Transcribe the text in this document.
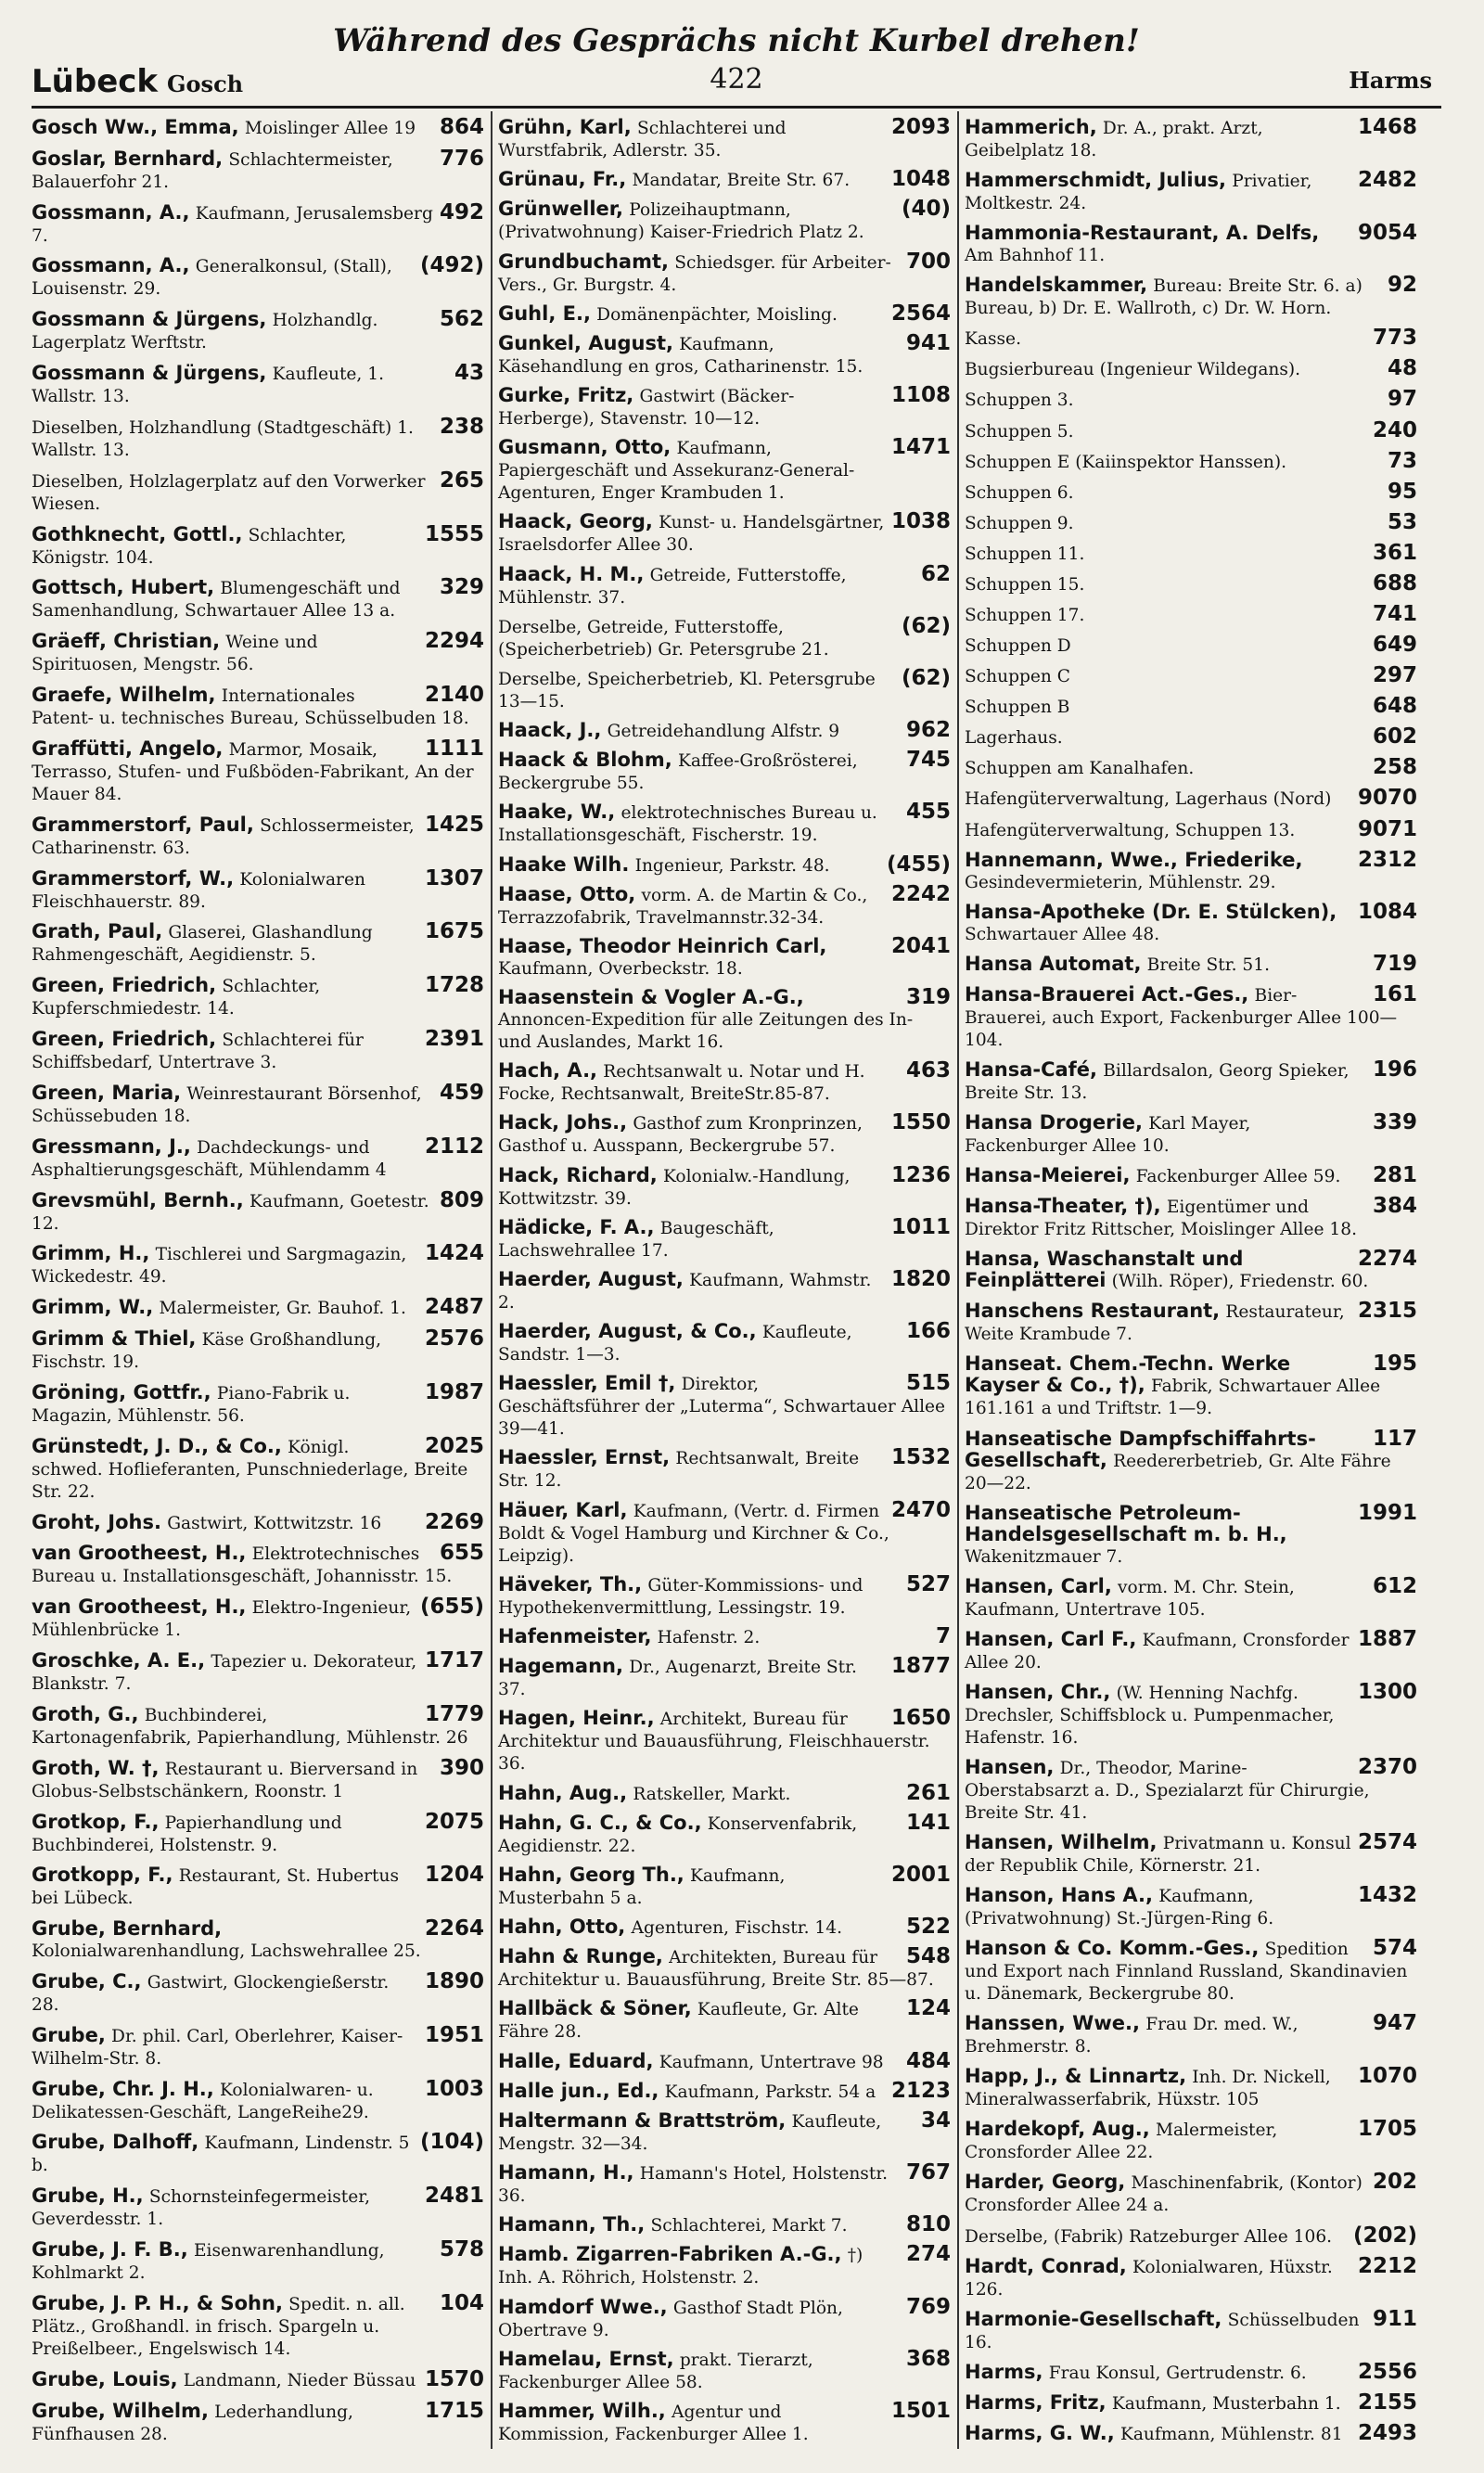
Lübeck Gosch
Während des Gesprächs nicht Kurbel drehen!
422	Harms
864
Gosch Ww., Emma, Moislinger Allee 19
776
Goslar, Bernhard, Schlachtermeister, Balauerfohr 21.
492
Gossmann, A., Kaufmann, Jerusalemsberg 7.
(492)
Gossmann, A., Generalkonsul, (Stall), Louisenstr. 29.
562
Gossmann & Jürgens, Holzhandlg. Lagerplatz Werftstr.
43
Gossmann & Jürgens, Kaufleute, 1. Wallstr. 13.
238
Dieselben, Holzhandlung (Stadtgeschäft) 1. Wallstr. 13.
265
Dieselben, Holzlagerplatz auf den Vorwerker Wiesen.
1555
Gothknecht, Gottl., Schlachter, Königstr. 104.
329
Gottsch, Hubert, Blumengeschäft und Samenhandlung, Schwartauer Allee 13 a.
2294
Gräeff, Christian, Weine und Spirituosen, Mengstr. 56.
2140
Graefe, Wilhelm, Internationales Patent- u. technisches Bureau, Schüsselbuden 18.
1111
Graffütti, Angelo, Marmor, Mosaik, Terrasso, Stufen- und Fußböden-Fabrikant, An der Mauer 84.
1425
Grammerstorf, Paul, Schlossermeister, Catharinenstr. 63.
1307
Grammerstorf, W., Kolonialwaren Fleischhauerstr. 89.
1675
Grath, Paul, Glaserei, Glashandlung Rahmengeschäft, Aegidienstr. 5.
1728
Green, Friedrich, Schlachter, Kupferschmiedestr. 14.
2391
Green, Friedrich, Schlachterei für Schiffsbedarf, Untertrave 3.
459
Green, Maria, Weinrestaurant Börsenhof, Schüssebuden 18.
2112
Gressmann, J., Dachdeckungs- und Asphaltierungsgeschäft, Mühlendamm 4
809
Grevsmühl, Bernh., Kaufmann, Goetestr. 12.
1424
Grimm, H., Tischlerei und Sargmagazin, Wickedestr. 49.
2487
Grimm, W., Malermeister, Gr. Bauhof. 1.
2576
Grimm & Thiel, Käse Großhandlung, Fischstr. 19.
1987
Gröning, Gottfr., Piano-Fabrik u. Magazin, Mühlenstr. 56.
2025
Grünstedt, J. D., & Co., Königl. schwed. Hoflieferanten, Punschniederlage, Breite Str. 22.
2269
Groht, Johs. Gastwirt, Kottwitzstr. 16
655
van Grootheest, H., Elektrotechnisches Bureau u. Installationsgeschäft, Johannisstr. 15.
(655)
van Grootheest, H., Elektro-Ingenieur, Mühlenbrücke 1.
1717
Groschke, A. E., Tapezier u. Dekorateur, Blankstr. 7.
1779
Groth, G., Buchbinderei, Kartonagenfabrik, Papierhandlung, Mühlenstr. 26
390
Groth, W. †, Restaurant u. Bierversand in Globus-Selbstschänkern, Roonstr. 1
2075
Grotkop, F., Papierhandlung und Buchbinderei, Holstenstr. 9.
1204
Grotkopp, F., Restaurant, St. Hubertus bei Lübeck.
2264
Grube, Bernhard, Kolonialwarenhandlung, Lachswehrallee 25.
1890
Grube, C., Gastwirt, Glockengießerstr. 28.
1951
Grube, Dr. phil. Carl, Oberlehrer, Kaiser-Wilhelm-Str. 8.
1003
Grube, Chr. J. H., Kolonialwaren- u. Delikatessen-Geschäft, LangeReihe29.
(104)
Grube, Dalhoff, Kaufmann, Lindenstr. 5 b.
2481
Grube, H., Schornsteinfegermeister, Geverdesstr. 1.
578
Grube, J. F. B., Eisenwarenhandlung, Kohlmarkt 2.
104
Grube, J. P. H., & Sohn, Spedit. n. all. Plätz., Großhandl. in frisch. Spargeln u. Preißelbeer., Engelswisch 14.
1570
Grube, Louis, Landmann, Nieder Büssau
1715
Grube, Wilhelm, Lederhandlung, Fünfhausen 28.
2093
Grühn, Karl, Schlachterei und Wurstfabrik, Adlerstr. 35.
1048
Grünau, Fr., Mandatar, Breite Str. 67.
(40)
Grünweller, Polizeihauptmann, (Privatwohnung) Kaiser-Friedrich Platz 2.
700
Grundbuchamt, Schiedsger. für Arbeiter-Vers., Gr. Burgstr. 4.
2564
Guhl, E., Domänenpächter, Moisling.
941
Gunkel, August, Kaufmann, Käsehandlung en gros, Catharinenstr. 15.
1108
Gurke, Fritz, Gastwirt (Bäcker-Herberge), Stavenstr. 10—12.
1471
Gusmann, Otto, Kaufmann, Papiergeschäft und Assekuranz-General-Agenturen, Enger Krambuden 1.
1038
Haack, Georg, Kunst- u. Handelsgärtner, Israelsdorfer Allee 30.
62
Haack, H. M., Getreide, Futterstoffe, Mühlenstr. 37.
(62)
Derselbe, Getreide, Futterstoffe, (Speicherbetrieb) Gr. Petersgrube 21.
(62)
Derselbe, Speicherbetrieb, Kl. Petersgrube 13—15.
962
Haack, J., Getreidehandlung Alfstr. 9
745
Haack & Blohm, Kaffee-Großrösterei, Beckergrube 55.
455
Haake, W., elektrotechnisches Bureau u. Installationsgeschäft, Fischerstr. 19.
(455)
Haake Wilh. Ingenieur, Parkstr. 48.
2242
Haase, Otto, vorm. A. de Martin & Co., Terrazzofabrik, Travelmannstr.32-34.
2041
Haase, Theodor Heinrich Carl, Kaufmann, Overbeckstr. 18.
319
Haasenstein & Vogler A.-G., Annoncen-Expedition für alle Zeitungen des In- und Auslandes, Markt 16.
463
Hach, A., Rechtsanwalt u. Notar und H. Focke, Rechtsanwalt, BreiteStr.85-87.
1550
Hack, Johs., Gasthof zum Kronprinzen, Gasthof u. Ausspann, Beckergrube 57.
1236
Hack, Richard, Kolonialw.-Handlung, Kottwitzstr. 39.
1011
Hädicke, F. A., Baugeschäft, Lachswehrallee 17.
1820
Haerder, August, Kaufmann, Wahmstr. 2.
166
Haerder, August, & Co., Kaufleute, Sandstr. 1—3.
515
Haessler, Emil †, Direktor, Geschäftsführer der „Luterma“, Schwartauer Allee 39—41.
1532
Haessler, Ernst, Rechtsanwalt, Breite Str. 12.
2470
Häuer, Karl, Kaufmann, (Vertr. d. Firmen Boldt & Vogel Hamburg und Kirchner & Co., Leipzig).
527
Häveker, Th., Güter-Kommissions- und Hypothekenvermittlung, Lessingstr. 19.
7
Hafenmeister, Hafenstr. 2.
1877
Hagemann, Dr., Augenarzt, Breite Str. 37.
1650
Hagen, Heinr., Architekt, Bureau für Architektur und Bauausführung, Fleischhauerstr. 36.
261
Hahn, Aug., Ratskeller, Markt.
141
Hahn, G. C., & Co., Konservenfabrik, Aegidienstr. 22.
2001
Hahn, Georg Th., Kaufmann, Musterbahn 5 a.
522
Hahn, Otto, Agenturen, Fischstr. 14.
548
Hahn & Runge, Architekten, Bureau für Architektur u. Bauausführung, Breite Str. 85—87.
124
Hallbäck & Söner, Kaufleute, Gr. Alte Fähre 28.
484
Halle, Eduard, Kaufmann, Untertrave 98
2123
Halle jun., Ed., Kaufmann, Parkstr. 54 a
34
Haltermann & Brattström, Kaufleute, Mengstr. 32—34.
767
Hamann, H., Hamann's Hotel, Holstenstr. 36.
810
Hamann, Th., Schlachterei, Markt 7.
274
Hamb. Zigarren-Fabriken A.-G., †) Inh. A. Röhrich, Holstenstr. 2.
769
Hamdorf Wwe., Gasthof Stadt Plön, Obertrave 9.
368
Hamelau, Ernst, prakt. Tierarzt, Fackenburger Allee 58.
1501
Hammer, Wilh., Agentur und Kommission, Fackenburger Allee 1.
1468
Hammerich, Dr. A., prakt. Arzt, Geibelplatz 18.
2482
Hammerschmidt, Julius, Privatier, Moltkestr. 24.
9054
Hammonia-Restaurant, A. Delfs, Am Bahnhof 11.
92
Handelskammer, Bureau: Breite Str. 6. a) Bureau, b) Dr. E. Wallroth, c) Dr. W. Horn.
773
Kasse.
48
Bugsierbureau (Ingenieur Wildegans).
97
Schuppen 3.
240
Schuppen 5.
73
Schuppen E (Kaiinspektor Hanssen).
95
Schuppen 6.
53
Schuppen 9.
361
Schuppen 11.
688
Schuppen 15.
741
Schuppen 17.
649
Schuppen D
297
Schuppen C
648
Schuppen B
602
Lagerhaus.
258
Schuppen am Kanalhafen.
9070
Hafengüterverwaltung, Lagerhaus (Nord)
9071
Hafengüterverwaltung, Schuppen 13.
2312
Hannemann, Wwe., Friederike, Gesindevermieterin, Mühlenstr. 29.
1084
Hansa-Apotheke (Dr. E. Stülcken), Schwartauer Allee 48.
719
Hansa Automat, Breite Str. 51.
161
Hansa-Brauerei Act.-Ges., Bier-Brauerei, auch Export, Fackenburger Allee 100—104.
196
Hansa-Café, Billardsalon, Georg Spieker, Breite Str. 13.
339
Hansa Drogerie, Karl Mayer, Fackenburger Allee 10.
281
Hansa-Meierei, Fackenburger Allee 59.
384
Hansa-Theater, †), Eigentümer und Direktor Fritz Rittscher, Moislinger Allee 18.
2274
Hansa, Waschanstalt und Feinplätterei (Wilh. Röper), Friedenstr. 60.
2315
Hanschens Restaurant, Restaurateur, Weite Krambude 7.
195
Hanseat. Chem.-Techn. Werke Kayser & Co., †), Fabrik, Schwartauer Allee 161.161 a und Triftstr. 1—9.
117
Hanseatische Dampfschiffahrts-Gesellschaft, Reedererbetrieb, Gr. Alte Fähre 20—22.
1991
Hanseatische Petroleum-Handelsgesellschaft m. b. H., Wakenitzmauer 7.
612
Hansen, Carl, vorm. M. Chr. Stein, Kaufmann, Untertrave 105.
1887
Hansen, Carl F., Kaufmann, Cronsforder Allee 20.
1300
Hansen, Chr., (W. Henning Nachfg. Drechsler, Schiffsblock u. Pumpenmacher, Hafenstr. 16.
2370
Hansen, Dr., Theodor, Marine-Oberstabsarzt a. D., Spezialarzt für Chirurgie, Breite Str. 41.
2574
Hansen, Wilhelm, Privatmann u. Konsul der Republik Chile, Körnerstr. 21.
1432
Hanson, Hans A., Kaufmann, (Privatwohnung) St.-Jürgen-Ring 6.
574
Hanson & Co. Komm.-Ges., Spedition und Export nach Finnland Russland, Skandinavien u. Dänemark, Beckergrube 80.
947
Hanssen, Wwe., Frau Dr. med. W., Brehmerstr. 8.
1070
Happ, J., & Linnartz, Inh. Dr. Nickell, Mineralwasserfabrik, Hüxstr. 105
1705
Hardekopf, Aug., Malermeister, Cronsforder Allee 22.
202
Harder, Georg, Maschinenfabrik, (Kontor) Cronsforder Allee 24 a.
(202)
Derselbe, (Fabrik) Ratzeburger Allee 106.
2212
Hardt, Conrad, Kolonialwaren, Hüxstr. 126.
911
Harmonie-Gesellschaft, Schüsselbuden 16.
2556
Harms, Frau Konsul, Gertrudenstr. 6.
2155
Harms, Fritz, Kaufmann, Musterbahn 1.
2493
Harms, G. W., Kaufmann, Mühlenstr. 81
